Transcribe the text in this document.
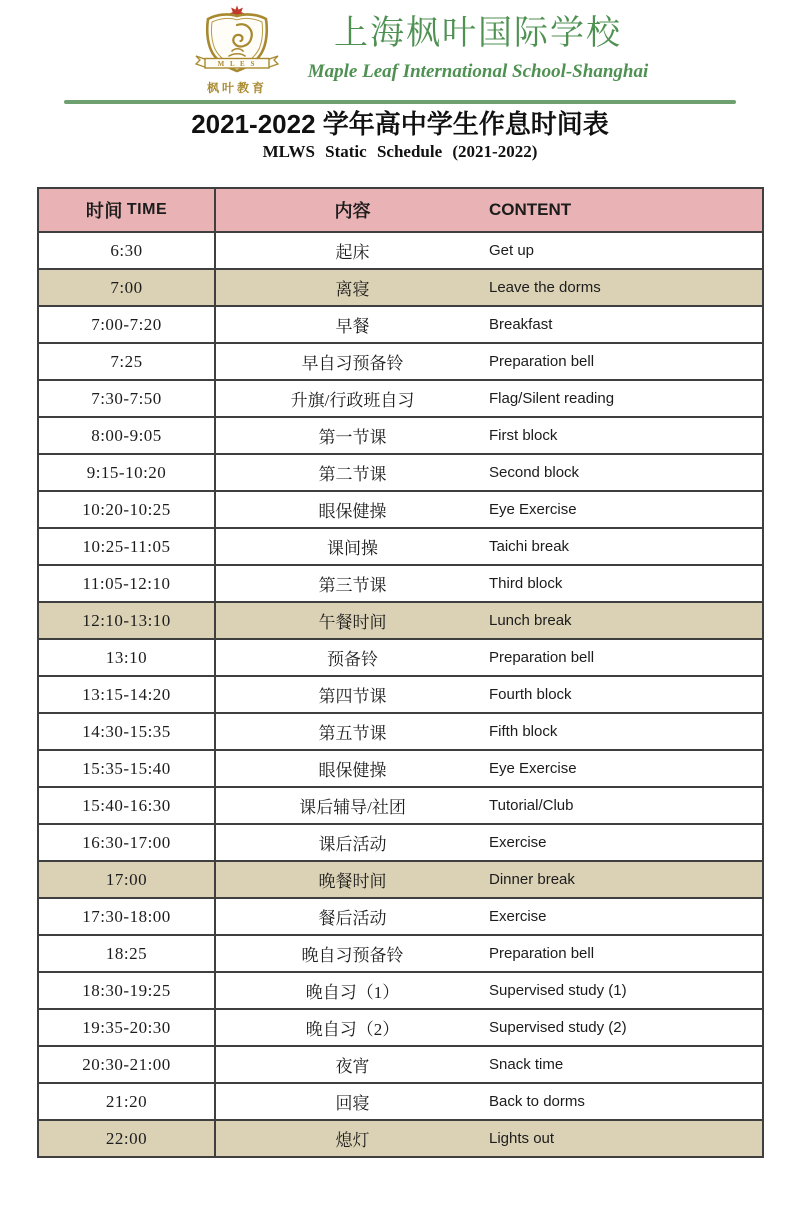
M L E S
枫叶教育
上海枫叶国际学校
Maple Leaf International School-Shanghai
2021-2022 学年高中学生作息时间表
MLWS Static Schedule (2021-2022)
时间 TIME	内容	CONTENT
6:30	起床	Get up
7:00	离寝	Leave the dorms
7:00-7:20	早餐	Breakfast
7:25	早自习预备铃	Preparation bell
7:30-7:50	升旗/行政班自习	Flag/Silent reading
8:00-9:05	第一节课	First block
9:15-10:20	第二节课	Second block
10:20-10:25	眼保健操	Eye Exercise
10:25-11:05	课间操	Taichi break
11:05-12:10	第三节课	Third block
12:10-13:10	午餐时间	Lunch break
13:10	预备铃	Preparation bell
13:15-14:20	第四节课	Fourth block
14:30-15:35	第五节课	Fifth block
15:35-15:40	眼保健操	Eye Exercise
15:40-16:30	课后辅导/社团	Tutorial/Club
16:30-17:00	课后活动	Exercise
17:00	晚餐时间	Dinner break
17:30-18:00	餐后活动	Exercise
18:25	晚自习预备铃	Preparation bell
18:30-19:25	晚自习（1）	Supervised study (1)
19:35-20:30	晚自习（2）	Supervised study (2)
20:30-21:00	夜宵	Snack time
21:20	回寝	Back to dorms
22:00	熄灯	Lights out
